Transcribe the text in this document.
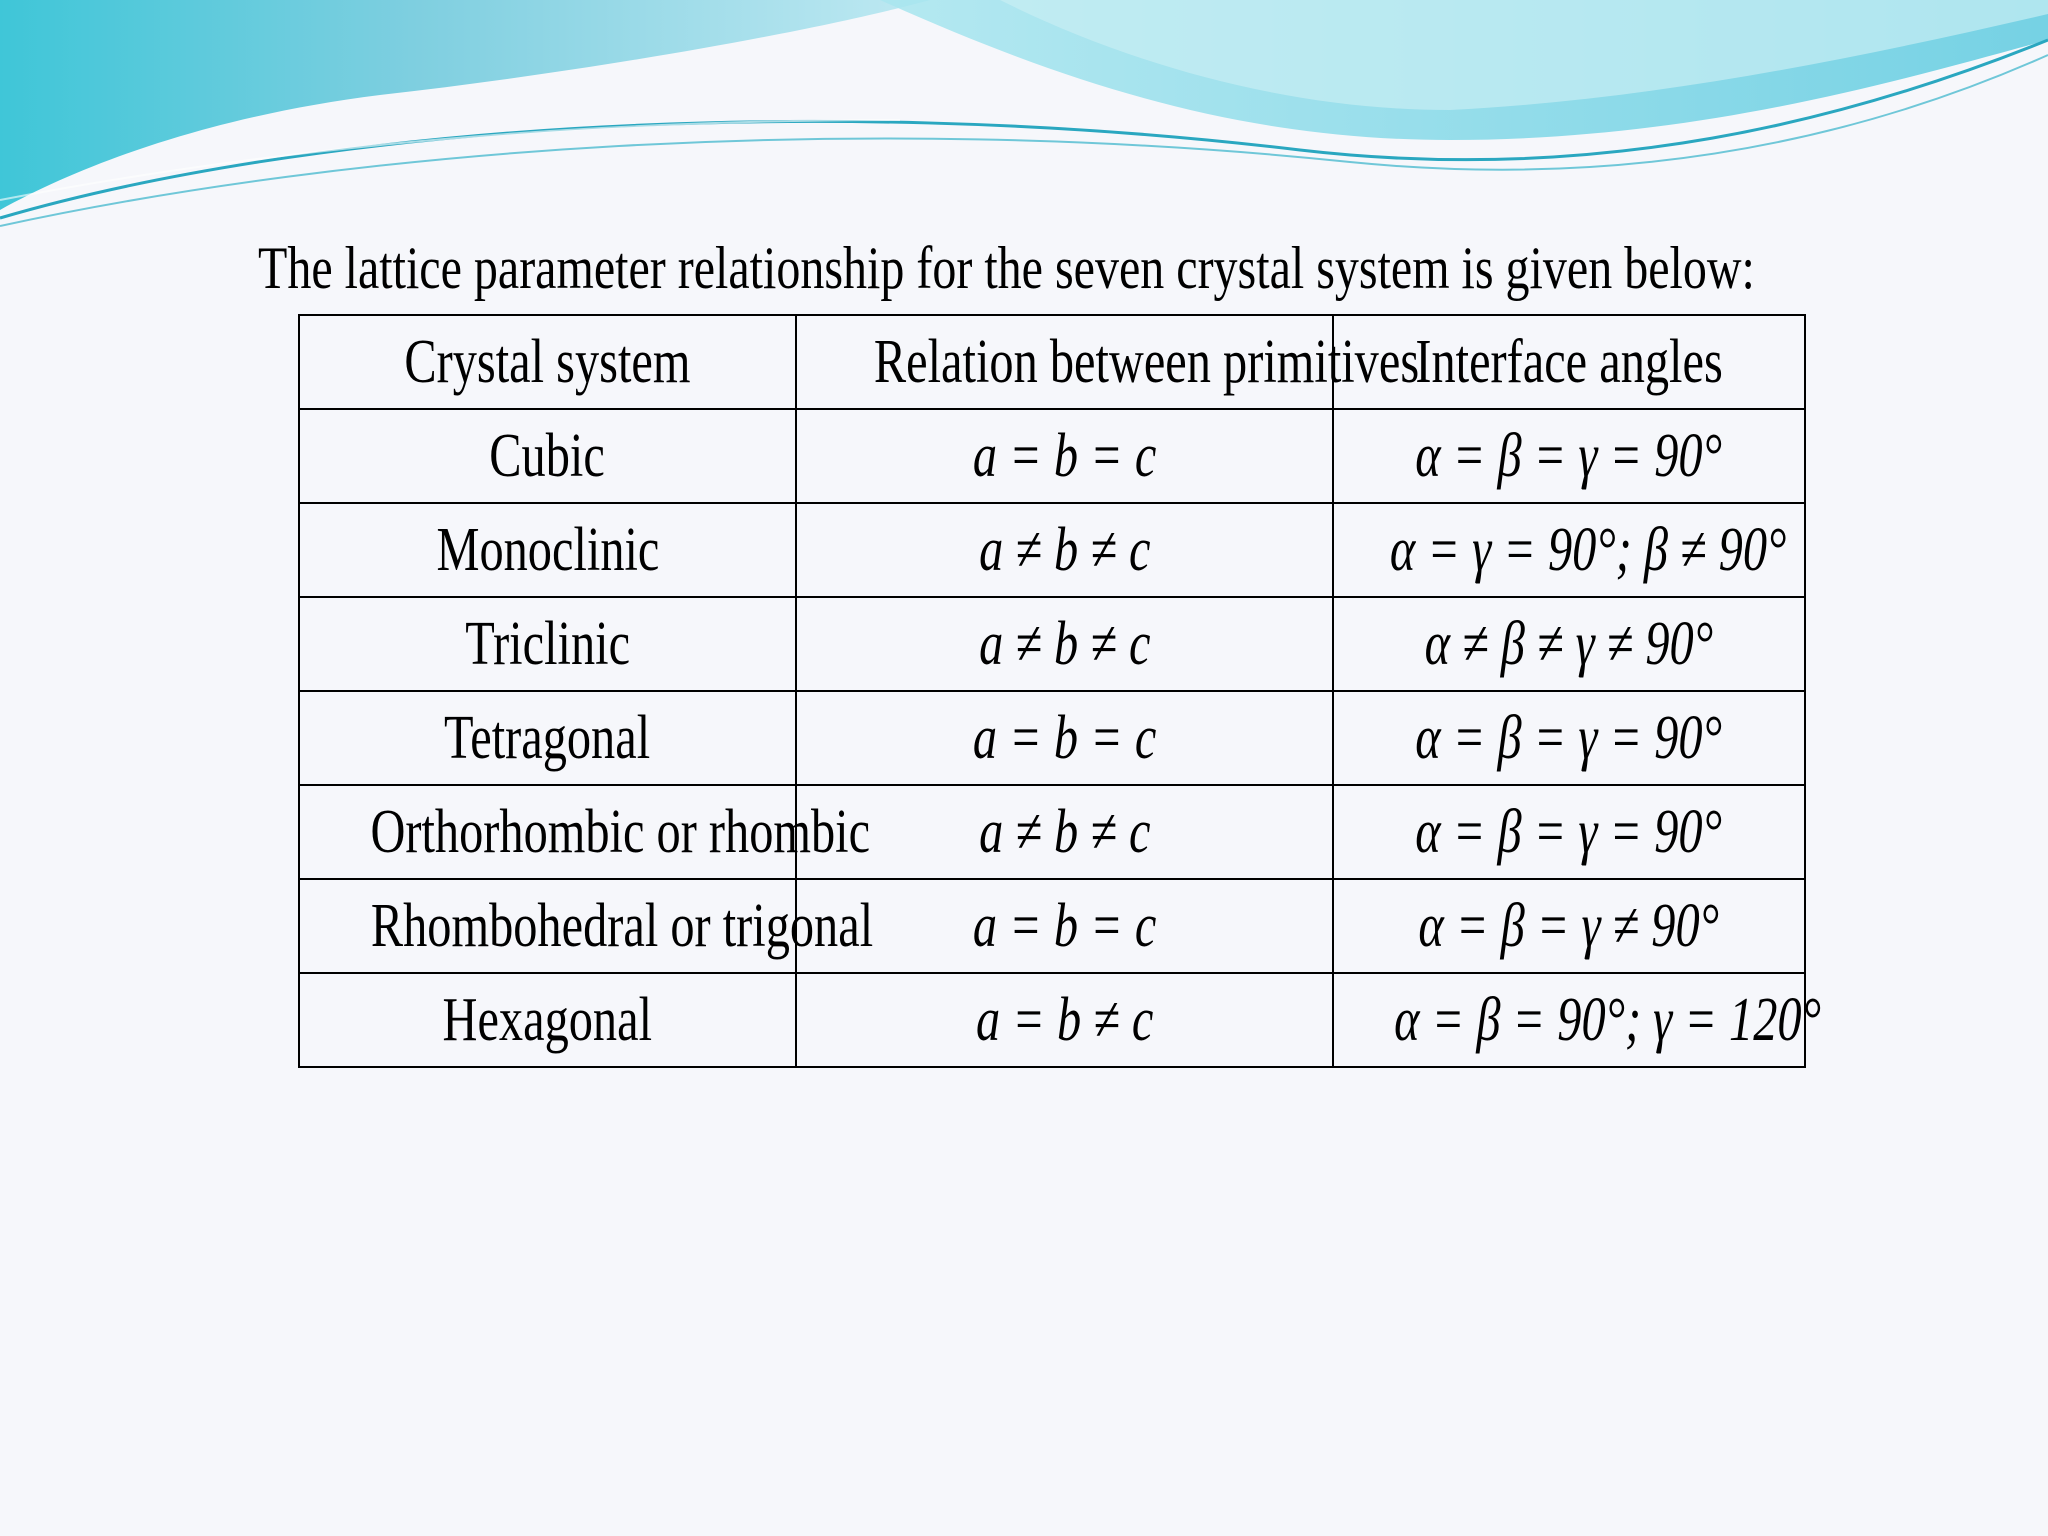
The lattice parameter relationship for the seven crystal system is given below:

Crystal system	Relation between primitives	Interface angles
Cubic	a = b = c	α = β = γ = 90°
Monoclinic	a ≠ b ≠ c	α = γ = 90°; β ≠ 90°
Triclinic	a ≠ b ≠ c	α ≠ β ≠ γ ≠ 90°
Tetragonal	a = b = c	α = β = γ = 90°
Orthorhombic or rhombic	a ≠ b ≠ c	α = β = γ = 90°
Rhombohedral or trigonal	a = b = c	α = β = γ ≠ 90°
Hexagonal	a = b ≠ c	α = β = 90°; γ = 120°
